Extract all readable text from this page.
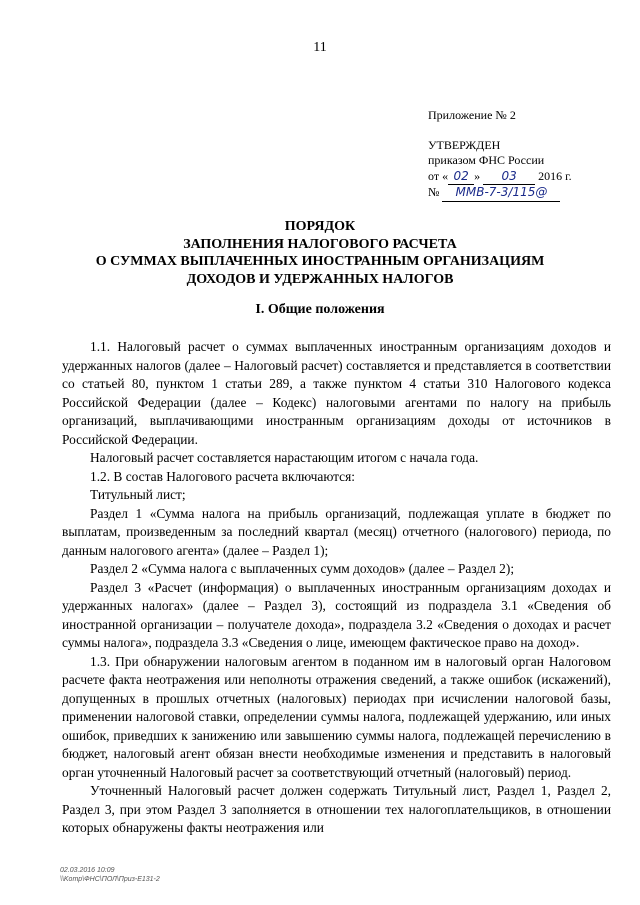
11
Приложение № 2
УТВЕРЖДЕН
приказом ФНС России
от « 02 » 03 2016 г.
№ ММВ-7-3/115@
ПОРЯДОК
ЗАПОЛНЕНИЯ НАЛОГОВОГО РАСЧЕТА
О СУММАХ ВЫПЛАЧЕННЫХ ИНОСТРАННЫМ ОРГАНИЗАЦИЯМ
ДОХОДОВ И УДЕРЖАННЫХ НАЛОГОВ
I. Общие положения

1.1. Налоговый расчет о суммах выплаченных иностранным организациям доходов и удержанных налогов (далее – Налоговый расчет) составляется и представляется в соответствии со статьей 80, пунктом 1 статьи 289, а также пунктом 4 статьи 310 Налогового кодекса Российской Федерации (далее – Кодекс) налоговыми агентами по налогу на прибыль организаций, выплачивающими иностранным организациям доходы от источников в Российской Федерации.

Налоговый расчет составляется нарастающим итогом с начала года.

1.2. В состав Налогового расчета включаются:

Титульный лист;

Раздел 1 «Сумма налога на прибыль организаций, подлежащая уплате в бюджет по выплатам, произведенным за последний квартал (месяц) отчетного (налогового) периода, по данным налогового агента» (далее – Раздел 1);

Раздел 2 «Сумма налога с выплаченных сумм доходов» (далее – Раздел 2);

Раздел 3 «Расчет (информация) о выплаченных иностранным организациям доходах и удержанных налогах» (далее – Раздел 3), состоящий из подраздела 3.1 «Сведения об иностранной организации – получателе дохода», подраздела 3.2 «Сведения о доходах и расчет суммы налога», подраздела 3.3 «Сведения о лице, имеющем фактическое право на доход».

1.3. При обнаружении налоговым агентом в поданном им в налоговый орган Налоговом расчете факта неотражения или неполноты отражения сведений, а также ошибок (искажений), допущенных в прошлых отчетных (налоговых) периодах при исчислении налоговой базы, применении налоговой ставки, определении суммы налога, подлежащей удержанию, или иных ошибок, приведших к занижению или завышению суммы налога, подлежащей перечислению в бюджет, налоговый агент обязан внести необходимые изменения и представить в налоговый орган уточненный Налоговый расчет за соответствующий отчетный (налоговый) период.

Уточненный Налоговый расчет должен содержать Титульный лист, Раздел 1, Раздел 2, Раздел 3, при этом Раздел 3 заполняется в отношении тех налогоплательщиков, в отношении которых обнаружены факты неотражения или

02.03.2016 10:09
\\Komp\ФНС\ПОЛ\Приз-Е131-2
